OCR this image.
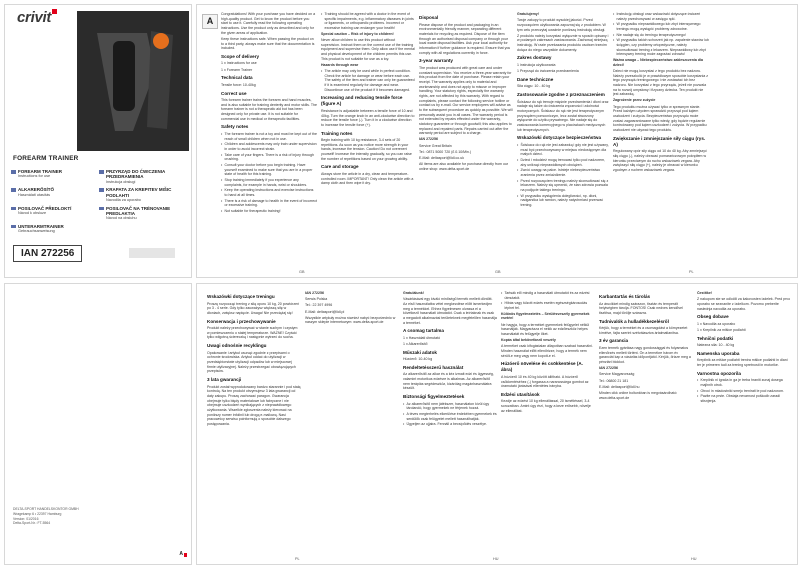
crivit
FOREARM TRAINER
FOREARM TRAINER
Instructions for use
PRZYRZĄD DO ĆWICZENIA PRZEDRAMIENIA
Instrukcja obsługi
ALKARERŐSÍTŐ
Használati utasítás
KRAPATA ZA KREPITEV MIŠIC PODLAHTI
Navodila za uporabo
POSILOVAČ PŘEDLOKTÍ
Návod k obsluze
POSILOVAČ NA TRÉNOVANIE PREDLAKTIA
Návod na obsluhu
UNTERARMTRAINER
Gebrauchsanweisung
IAN 272256
A

Congratulations! With your purchase you have decided on a high-quality product. Get to know the product before you start to use it. Carefully read the following operating instructions. Use the product only as described and only for the given areas of application.

Keep these instructions safe. When passing the product on to a third party, always make sure that the documentation is included.

Scope of delivery

1 x Instructions for use

1 x Forearm Trainer

Technical data

Tensile force: 10-40kg

Correct use

This forearm trainer trains the forearm and hand muscles, and is also suitable for training dexterity and motor skills. The forearm trainer is not a therapeutic aid but has been designed only for private use. It is not suitable for commercial use in medical or therapeutic facilities.

Safety notes
• The forearm trainer is not a toy and must be kept out of the reach of small children when not in use.
• Children and adolescents may only train under supervision in order to avoid incorrect strain.
• Take care of your fingers. There is a risk of injury through crushing.
• Consult your doctor before you begin training. Have yourself examined to make sure that you are in a proper state of health for this training.
• Stop training immediately if you experience any complaints, for example in hands, wrist or shoulders.
• Keep the operating instructions and exercise instructions to hand at all times.
• There is a risk of damage to health in the event of incorrect or excessive training.
• Not suitable for therapeutic training!
• Training should be agreed with a doctor in the event of specific impairments, e.g. inflammatory diseases in joints or ligaments, or orthopaedic problems. Incorrect or excessive training can endanger your health!

Special caution – Risk of injury to children!

Never allow children to use this product without supervision. Instruct them on the correct use of the training equipment and supervise them. Only allow use if the mental and physical development of the children permits this use. This product is not suitable for use as a toy.

Hazards through wear

• The article may only be used while in perfect condition. Check the article for damage or wear before each use. The safety of the item and trainer can only be guaranteed if it is examined regularly for damage and wear. Discontinue use of the product if it becomes damaged.
Increasing and reducing tensile force (figure A)

Resistance is adjustable between a tensile force of 10 and 40kg. Turn the orange knob in an anti-clockwise direction to reduce the tensile force (-). Turn it in a clockwise direction to increase the tensile force (+).

Training notes

Begin training with 10 kg resistance, 3-4 sets of 20 repetitions. As soon as you notice more strength in your hands, increase the tension. Caution! Do not overexert yourself! Increase the intensity gradually, so you can raise the number of repetitions based on your growing ability.

Care and storage

Always store the article in a dry, clean and temperature-controlled room. IMPORTANT! Only clean the article with a damp cloth and then wipe it dry.

Disposal

Please dispose of the product and packaging in an environmentally friendly manner, separating different materials for recycling as required. Dispose of the item through an authorised disposal company or through your local waste disposal facilities. Ask your local authority for information if further guidance is required. Ensure that you comply with all regulations currently in force.

3-year warranty

The product was produced with great care and under constant supervision. You receive a three-year warranty for this product from the date of purchase. Please retain your receipt. The warranty applies only to material and workmanship and does not apply to misuse or improper handling. Your statutory rights, especially the warranty rights, are not affected by this warranty. With regard to complaints, please contact the following service hotline or contact us by e-mail. Our service employees will advise as to the subsequent procedure as quickly as possible. We will personally assist you in all cases. The warranty period is not extended by repairs effected under the warranty, statutory guarantee or through goodwill; this also applies to replaced and repaired parts. Repairs carried out after the warranty period are subject to a charge.

IAN 272256

Service Great Britain

Tel.: 0871 5000 720 (£ 0.10/Min.)

E-Mail: deltasport@lidl.co.uk

All items are also available for purchase directly from our online shop: www.delta-sport.de

Gratulujemy!

Twoje zakupy to produkt wysokiej jakości. Przed rozpoczęciem użytkowania zapoznaj się z produktem. W tym celu przeczytaj uważnie poniższą instrukcję obsługi.

Z produktu należy korzystać wyłącznie w sposób opisany i w podanych zakresach zastosowania. Zachowaj niniejszą instrukcję. W razie przekazania produktu osobom trzecim dołącz do niego wszystkie dokumenty.

Zakres dostawy

1 instrukcja użytkowania

1 Przyrząd do ćwiczenia przedramienia

Dane techniczne

Siła ciągu: 10 - 40 kg

Zastosowanie zgodne z przeznaczeniem

Ściskacz do rąk trenuje mięśnie przedramienia i dłoni oraz nadaje się także do ćwiczenia zręczności i zdolności motorycznych. Ściskacz do rąk nie jest terapeutycznym przyrządem pomocniczym, lecz został stworzony wyłącznie do użytku prywatnego. Nie nadaje się do zastosowania komercyjnego w placówkach medycznych lub terapeutycznych.

Wskazówki dotyczące bezpieczeństwa
• Ściskacz do rąk nie jest zabawką i gdy nie jest używany, musi być przechowywany w miejscu niedostępnym dla małych dzieci.
• Dzieci i młodzież mogą trenować tylko pod nadzorem, aby uniknąć nieprawidłowych obciążeń.
• Zwróć uwagę na palce. Istnieje niebezpieczeństwo zranienia przez zmiażdżenie.
• Przed rozpoczęciem treningu należy skonsultować się z lekarzem. Należy się upewnić, że stan zdrowia pozwala na podjęcie takiego treningu.
• W przypadku wystąpienia dolegliwości, np. dłoni, nadgarstka lub ramion, należy natychmiast przerwać trening.
• Instrukcję obsługi oraz wskazówki dotyczące ćwiczeń należy przechowywać w zasięgu ręki.
• W przypadku nieprawidłowego lub zbyt intensywnego treningu mogą wystąpić problemy zdrowotne.
• Nie nadaje się do treningu terapeutycznego!
• W przypadku takich schorzeń jak np. zapalenie stawów lub ścięgien, czy problemy ortopedyczne, należy skonsultować trening z lekarzem. Nieprawidłowy lub zbyt intensywny trening może zagrażać zdrowiu!

Ważna uwaga – Niebezpieczeństwo zakleszczenia dla dzieci!

Dzieci nie mogą korzystać z tego produktu bez nadzoru. Należy przeszkolić je w prawidłowym sposobie korzystania z tego przyrządu treningowego i nie zostawiać ich bez nadzoru. Nie korzystać z tego przyrządu, jeżeli nie pozwala na to rozwój umysłowy i fizyczny dziecka. Ten produkt nie jest zabawką.

Zagrożenie przez zużycie

Tego produktu można używać tylko w sprawnym stanie. Przed każdym użyciem sprawdzić przyrząd pod kątem uszkodzeń i zużycia. Bezpieczeństwo przyrządu może zostać zagwarantowane tylko wtedy, gdy będzie regularnie kontrolowany pod kątem uszkodzeń i zużycia. W przypadku uszkodzeń nie używać tego produktu.

Zwiększanie i zmniejszanie siły ciągu (rys. A)

Regulowany opór siły ciągu od 10 do 40 kg. Aby zmniejszyć siłę ciągu (-), należy obracać pomarańczowym pokrętłem w kierunku przeciwnym do ruchu wskazówek zegara. Aby zwiększyć siłę ciągu (+), należy je obracać w kierunku zgodnym z ruchem wskazówek zegara.

GB	GB	PL
DELTA-SPORT HANDELSKONTOR GMBH
Wragekamp 6 • 22397 Hamburg
Version: 01/2016
Delta-Sport-Nr.: FT-5564
A
Wskazówki dotyczące treningu

Proszę rozpocząć trening z siłą oporu 10 kg, 20 powtórzeń po 3 - 4 serie. Gdy tylko zauważysz większą siłę w dłoniach, zwiększ napięcie. Uwaga! Nie przeciążaj się!

Konserwacja i przechowywanie

Produkt należy przechowywać w stanie suchym i czystym w pomieszczeniu o stałej temperaturze. WAŻNE! Czyścić tylko wilgotną ściereczką i następnie wytrzeć do sucha.

Uwagi odnośnie recyklingu

Opakowanie i artykuł usunąć zgodnie z przepisami o ochronie środowiska. Artykuł oddać do utylizacji w przedsiębiorstwie utylizacji odpadów lub w miejscowej firmie utylizacyjnej. Należy przestrzegać obowiązujących przepisów.

3 lata gwarancji

Produkt został wyprodukowany bardzo starannie i pod stałą kontrolą. Na ten produkt otrzymujesz 3 lata gwarancji od daty zakupu. Proszę zachować paragon. Gwarancja obejmuje tylko błędy materiałowe lub fabryczne i nie obejmuje uszkodzeń wynikających z nieprawidłowego użytkowania. Wszelkie zgłoszenia należy kierować na poniższy numer infolinii lub drogą e-mailową. Nasi pracownicy serwisu poinformują o sposobie dalszego postępowania.

IAN 272256

Serwis Polska

Tel.: 22 397 4996

E-Mail: deltasport@lidl.pl

Wszystkie artykuły można również nabyć bezpośrednio w naszym sklepie internetowym: www.delta-sport.de

Gratulálunk!

Vásárlásával egy kiváló minőségű termék mellett döntött. Az első használatba vétel megkezdése előtt ismerkedjen meg a termékkel. Ehhez figyelmesen olvassa el a következő használati útmutatót. Csak a leírtaknak és csak a megadott alkalmazási területeknek megfelelően használja a terméket.

A csomag tartalma

1 x Használati útmutató

1 x Alkarerősítő

Műszaki adatok

Húzóerő: 10-40 kg

Rendeltetésszerű használat

Az alkarerősítő az alkar és a kéz izmait edzi és ügyesség, valamint motorikus edzésre is alkalmas. Az alkarerősítő nem terápiás segédeszköz, kizárólag magánhasználatra készült.

Biztonsági figyelmeztetések
• Az alkarerősítő nem játékszer, használaton kívül úgy tárolandó, hogy gyermekek ne férjenek hozzá.
• A téves megterhelés elkerülése érdekében gyermekek és serdülők csak felügyelet mellett használhatják.
• Ügyeljen az ujjaira. Fennáll a becsípődés veszélye.
• Tartsák elő mindig a használati útmutatót és az edzési útmutatót.
• Hibás vagy túlzott edzés esetén egészségkárosodás léphet fel.

Különös figyelmeztetés – Sérülésveszély gyermekek esetén!

Ne hagyja, hogy a terméket gyermekek felügyelet nélkül használják. Magyarázza el nekik az edzőeszköz helyes használatát és felügyelje őket.

Kopás által bekövetkező veszély

A terméket csak kifogástalan állapotban szabad használni. Minden használat előtt ellenőrizze, hogy a termék nem sérült-e meg vagy nem kopott-e el.

Húzóerő növelése és csökkentése (A. ábra)

A húzóerő 10 és 40 kg között állítható. A húzóerő csökkentéséhez (-) forgassa a narancssárga gombot az óramutató járásával ellentétes irányba.

Edzési utasítások

Kezdje az edzést 10 kg ellenállással, 20 ismétléssel, 3-4 sorozatban. Amint úgy érzi, hogy a keze erősebb, növelje az ellenállást.

Karbantartás és tárolás

Az árucikket mindig szárazon, tisztán és temperált helyiségben tárolja. FONTOS! Csak nedves kendővel tisztítsa, majd törölje szárazra.

Tudnivalók a hulladékkezelésről

Kérjük, hogy a terméket és a csomagolást a környezetet kímélve, fajta szerint szétválasztva ártalmatlanítsa.

3 év garancia

Ezen termék gyártása nagy gondossággal és folyamatos ellenőrzés mellett történt. Ön a termékre három év garanciát kap a vásárlás időpontjától. Kérjük, őrizze meg a pénztári blokkot.

IAN 272256

Service Magyarország

Tel.: 06800 21 181

E-Mail: deltasport@lidl.hu

Minden cikk online boltunkban is megvásárolható: www.delta-sport.de

Čestitke!

Z nakupom ste se odločili za kakovosten izdelek. Pred prvo uporabo se seznanite z izdelkom. Pozorno preberite naslednja navodila za uporabo.

Obseg dobave

1 x Navodila za uporabo

1 x Krepilnik za mišice podlahti

Tehnični podatki

Natezna sila: 10 - 40 kg

Namenska uporaba

Krepilnik za mišice podlahti trenira mišice podlahti in dlani ter je primeren tudi za trening spretnosti in motorike.

Varnostna opozorila
• Krepilnik ni igrača in ga je treba hraniti zunaj dosega majhnih otrok.
• Otroci in mladostniki smejo trenirati le pod nadzorom.
• Pazite na prste. Obstaja nevarnost poškodb zaradi stisnjenja.
PL	HU	HU
